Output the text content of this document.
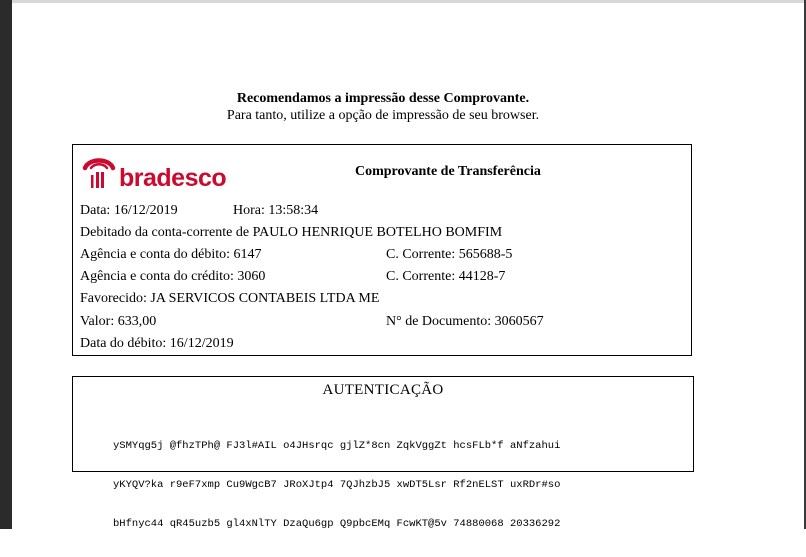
Recomendamos a impressão desse Comprovante.
Para tanto, utilize a opção de impressão de seu browser.
bradesco	Comprovante de Transferência
Data: 16/12/2019	Hora: 13:58:34
Debitado da conta-corrente de PAULO HENRIQUE BOTELHO BOMFIM
Agência e conta do débito: 6147	C. Corrente: 565688-5
Agência e conta do crédito: 3060	C. Corrente: 44128-7
Favorecido: JA SERVICOS CONTABEIS LTDA ME
Valor: 633,00	N° de Documento: 3060567
Data do débito: 16/12/2019
AUTENTICAÇÃO

ySMYqg5j @fhzTPh@ FJ3l#AIL o4JHsrqc gjlZ*8cn ZqkVggZt hcsFLb*f aNfzahui

yKYQV?ka r9eF7xmp Cu9WgcB7 JRoXJtp4 7QJhzbJ5 xwDT5Lsr Rf2nELST uxRDr#so

bHfnyc44 qR45uzb5 gl4xNlTY DzaQu6gp Q9pbcEMq FcwKT@5v 74880068 20336292
